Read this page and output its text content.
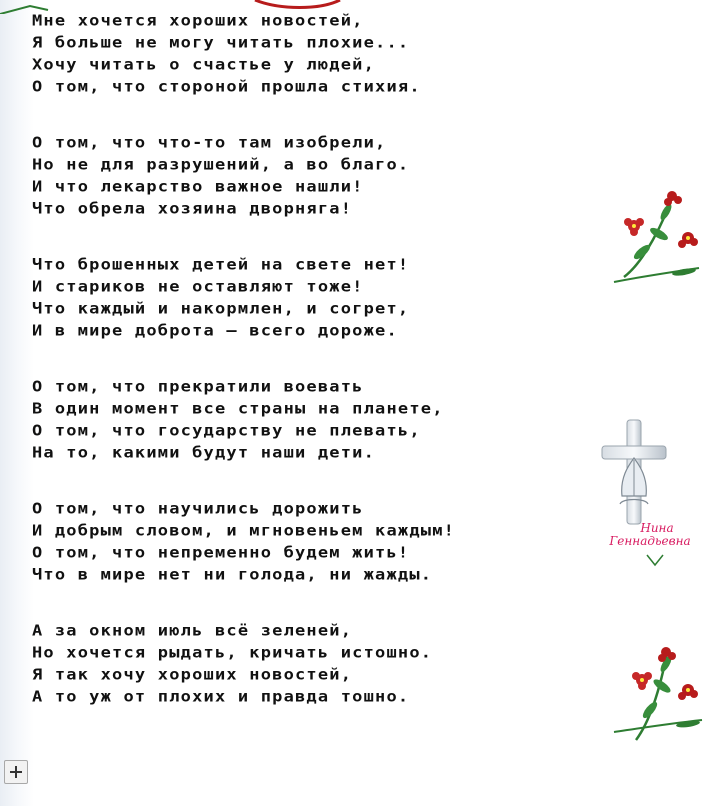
Мне хочется хороших новостей,
Я больше не могу читать плохие...
Хочу читать о счастье у людей,
О том, что стороной прошла стихия.
О том, что что-то там изобрели,
Но не для разрушений, а во благо.
И что лекарство важное нашли!
Что обрела хозяина дворняга!
Что брошенных детей на свете нет!
И стариков не оставляют тоже!
Что каждый и накормлен, и согрет,
И в мире доброта – всего дороже.
О том, что прекратили воевать
В один момент все страны на планете,
О том, что государству не плевать,
На то, какими будут наши дети.
О том, что научились дорожить
И добрым словом, и мгновеньем каждым!
О том, что непременно будем жить!
Что в мире нет ни голода, ни жажды.
А за окном июль всё зеленей,
Но хочется рыдать, кричать истошно.
Я так хочу хороших новостей,
А то уж от плохих и правда тошно.
Нина
Геннадьевна
